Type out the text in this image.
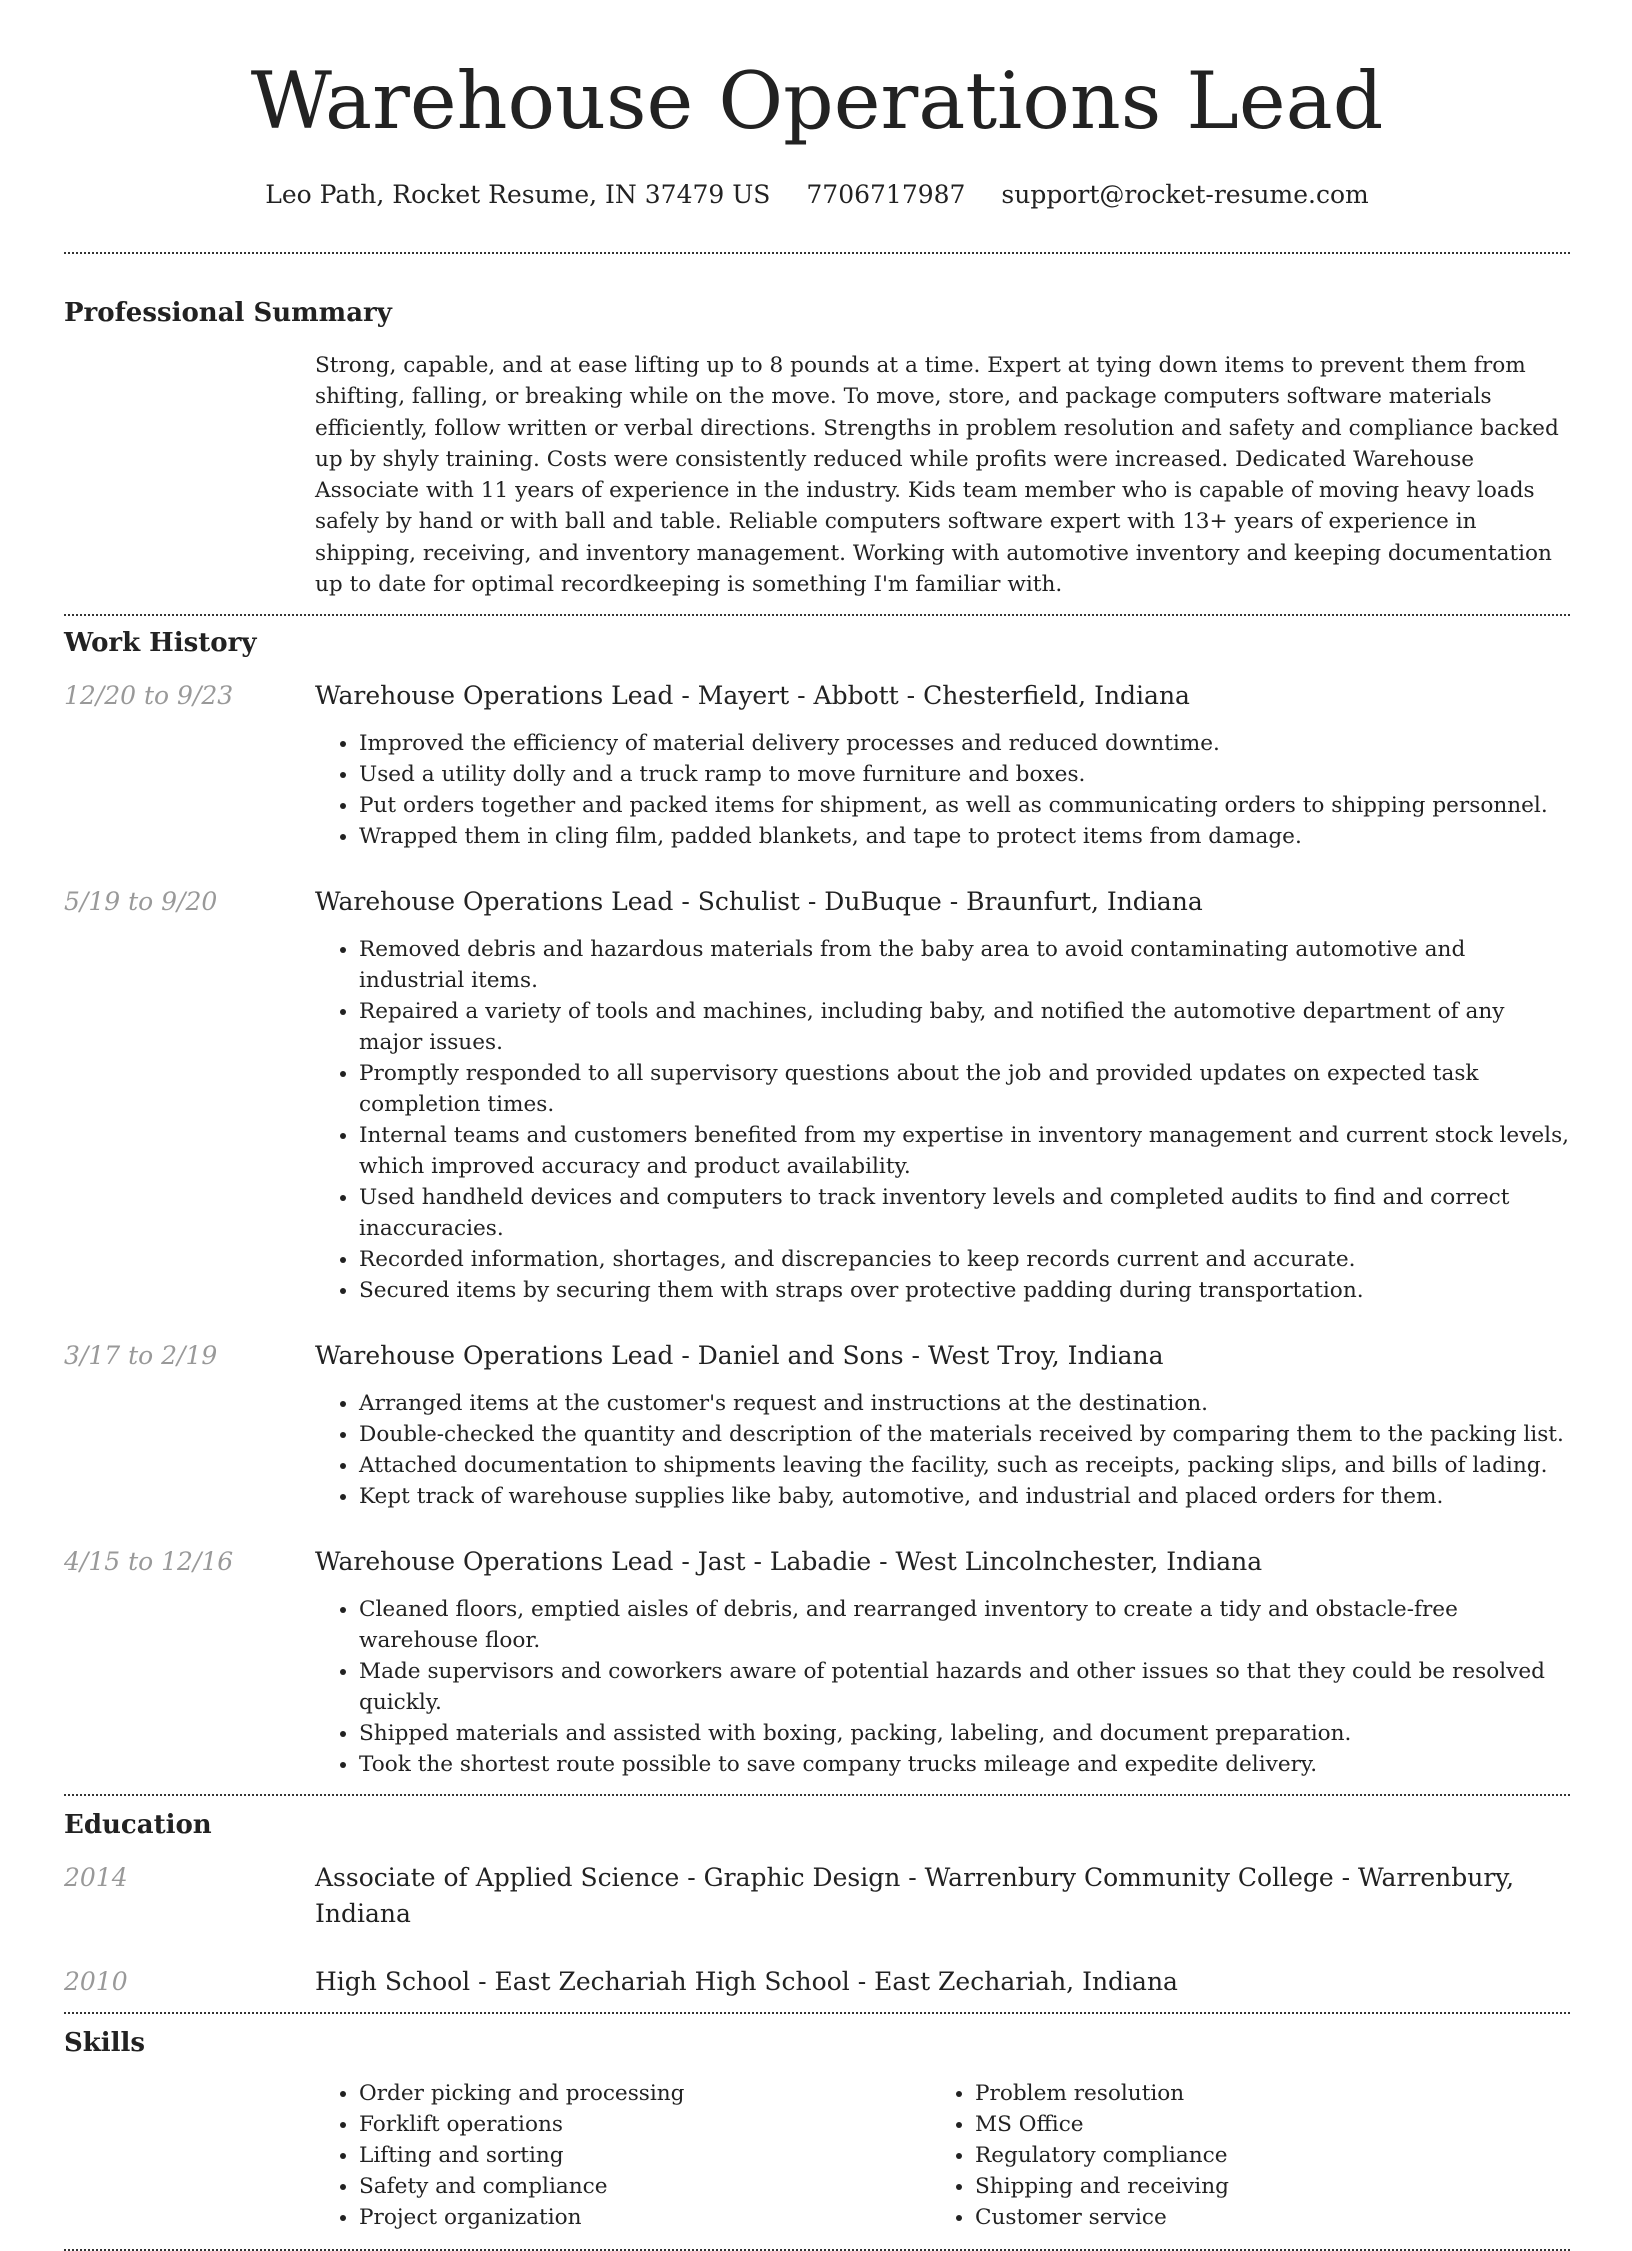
Warehouse Operations Lead
Leo Path, Rocket Resume, IN 37479 US 7706717987 support@rocket-resume.com
Professional Summary
Strong, capable, and at ease lifting up to 8 pounds at a time. Expert at tying down items to prevent them from shifting, falling, or breaking while on the move. To move, store, and package computers software materials efficiently, follow written or verbal directions. Strengths in problem resolution and safety and compliance backed up by shyly training. Costs were consistently reduced while profits were increased. Dedicated Warehouse Associate with 11 years of experience in the industry. Kids team member who is capable of moving heavy loads safely by hand or with ball and table. Reliable computers software expert with 13+ years of experience in shipping, receiving, and inventory management. Working with automotive inventory and keeping documentation up to date for optimal recordkeeping is something I'm familiar with.
Work History
12/20 to 9/23	Warehouse Operations Lead - Mayert - Abbott - Chesterfield, Indiana
• Improved the efficiency of material delivery processes and reduced downtime.
• Used a utility dolly and a truck ramp to move furniture and boxes.
• Put orders together and packed items for shipment, as well as communicating orders to shipping personnel.
• Wrapped them in cling film, padded blankets, and tape to protect items from damage.
5/19 to 9/20	Warehouse Operations Lead - Schulist - DuBuque - Braunfurt, Indiana
• Removed debris and hazardous materials from the baby area to avoid contaminating automotive and industrial items.
• Repaired a variety of tools and machines, including baby, and notified the automotive department of any major issues.
• Promptly responded to all supervisory questions about the job and provided updates on expected task completion times.
• Internal teams and customers benefited from my expertise in inventory management and current stock levels, which improved accuracy and product availability.
• Used handheld devices and computers to track inventory levels and completed audits to find and correct inaccuracies.
• Recorded information, shortages, and discrepancies to keep records current and accurate.
• Secured items by securing them with straps over protective padding during transportation.
3/17 to 2/19	Warehouse Operations Lead - Daniel and Sons - West Troy, Indiana
• Arranged items at the customer's request and instructions at the destination.
• Double-checked the quantity and description of the materials received by comparing them to the packing list.
• Attached documentation to shipments leaving the facility, such as receipts, packing slips, and bills of lading.
• Kept track of warehouse supplies like baby, automotive, and industrial and placed orders for them.
4/15 to 12/16	Warehouse Operations Lead - Jast - Labadie - West Lincolnchester, Indiana
• Cleaned floors, emptied aisles of debris, and rearranged inventory to create a tidy and obstacle-free warehouse floor.
• Made supervisors and coworkers aware of potential hazards and other issues so that they could be resolved quickly.
• Shipped materials and assisted with boxing, packing, labeling, and document preparation.
• Took the shortest route possible to save company trucks mileage and expedite delivery.
Education
2014	Associate of Applied Science - Graphic Design - Warrenbury Community College - Warrenbury, Indiana
2010	High School - East Zechariah High School - East Zechariah, Indiana
Skills
• Order picking and processing
• Forklift operations
• Lifting and sorting
• Safety and compliance
• Project organization
• Problem resolution
• MS Office
• Regulatory compliance
• Shipping and receiving
• Customer service
